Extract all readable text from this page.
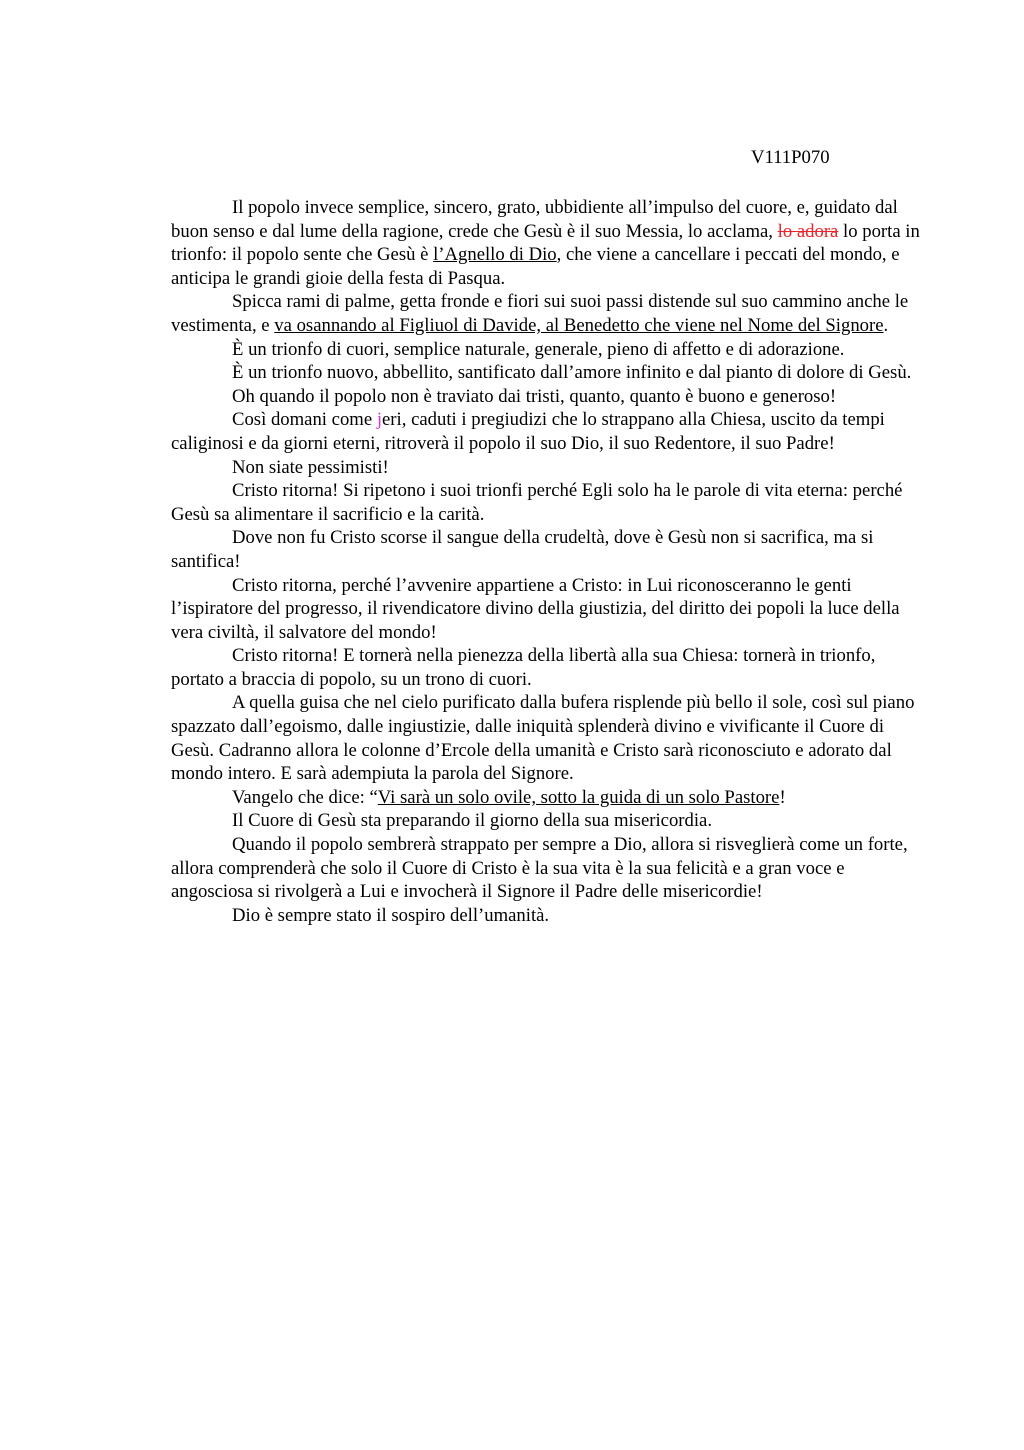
V111P070

Il popolo invece semplice, sincero, grato, ubbidiente all’impulso del cuore, e, guidato dal buon senso e dal lume della ragione, crede che Gesù è il suo Messia, lo acclama, lo adora lo porta in trionfo: il popolo sente che Gesù è l’Agnello di Dio, che viene a cancellare i peccati del mondo, e anticipa le grandi gioie della festa di Pasqua.

Spicca rami di palme, getta fronde e fiori sui suoi passi distende sul suo cammino anche le vestimenta, e va osannando al Figliuol di Davide, al Benedetto che viene nel Nome del Signore.

È un trionfo di cuori, semplice naturale, generale, pieno di affetto e di adorazione.

È un trionfo nuovo, abbellito, santificato dall’amore infinito e dal pianto di dolore di Gesù.

Oh quando il popolo non è traviato dai tristi, quanto, quanto è buono e generoso!

Così domani come jeri, caduti i pregiudizi che lo strappano alla Chiesa, uscito da tempi caliginosi e da giorni eterni, ritroverà il popolo il suo Dio, il suo Redentore, il suo Padre!

Non siate pessimisti!

Cristo ritorna! Si ripetono i suoi trionfi perché Egli solo ha le parole di vita eterna: perché Gesù sa alimentare il sacrificio e la carità.

Dove non fu Cristo scorse il sangue della crudeltà, dove è Gesù non si sacrifica, ma si santifica!

Cristo ritorna, perché l’avvenire appartiene a Cristo: in Lui riconosceranno le genti l’ispiratore del progresso, il rivendicatore divino della giustizia, del diritto dei popoli la luce della vera civiltà, il salvatore del mondo!

Cristo ritorna! E tornerà nella pienezza della libertà alla sua Chiesa: tornerà in trionfo, portato a braccia di popolo, su un trono di cuori.

A quella guisa che nel cielo purificato dalla bufera risplende più bello il sole, così sul piano spazzato dall’egoismo, dalle ingiustizie, dalle iniquità splenderà divino e vivificante il Cuore di Gesù. Cadranno allora le colonne d’Ercole della umanità e Cristo sarà riconosciuto e adorato dal mondo intero. E sarà adempiuta la parola del Signore.

Vangelo che dice: “Vi sarà un solo ovile, sotto la guida di un solo Pastore!

Il Cuore di Gesù sta preparando il giorno della sua misericordia.

Quando il popolo sembrerà strappato per sempre a Dio, allora si risveglierà come un forte, allora comprenderà che solo il Cuore di Cristo è la sua vita è la sua felicità e a gran voce e angosciosa si rivolgerà a Lui e invocherà il Signore il Padre delle misericordie!

Dio è sempre stato il sospiro dell’umanità.
